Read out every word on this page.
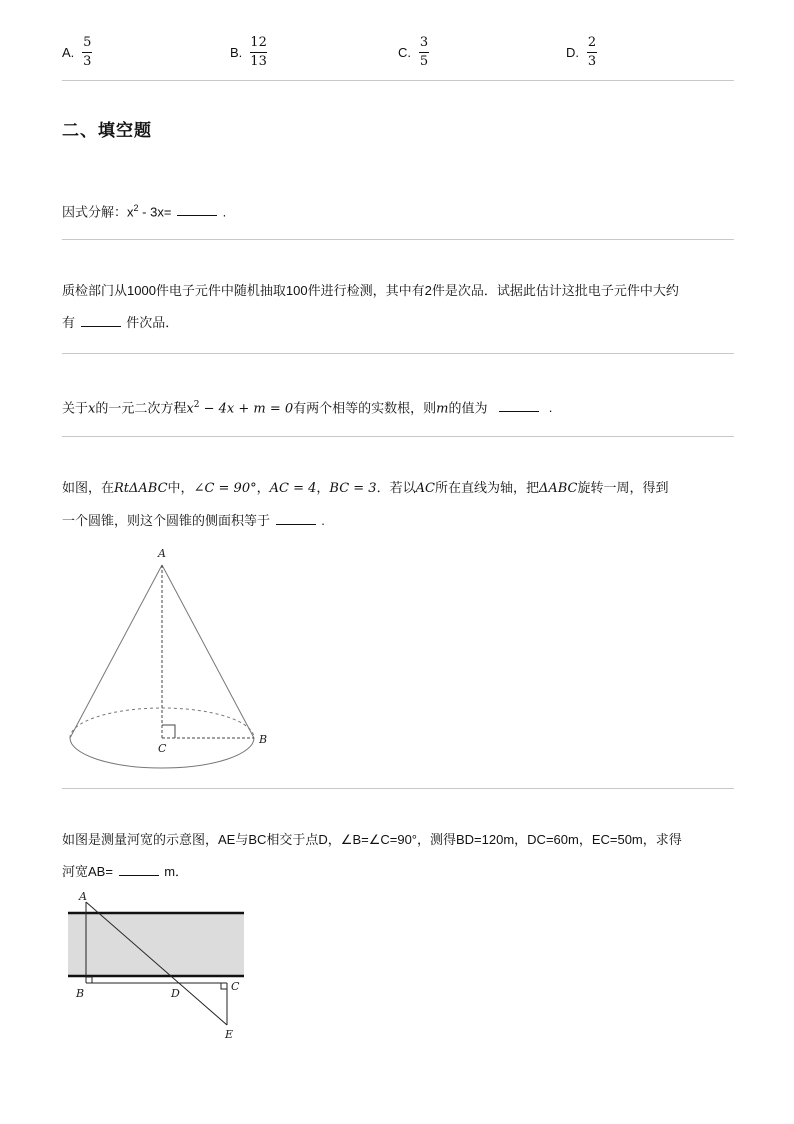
A. $\frac{5}{3}$	B. $\frac{12}{13}$	C. $\frac{3}{5}$	D. $\frac{2}{3}$
二、填空题
因式分解：$x^2 - 3x=$	.
质检部门从1000件电子元件中随机抽取100件进行检测，其中有2件是次品．试据此估计这批电子元件中大约
有	件次品．
关于x的一元二次方程$x^2 - 4x + m = 0$有两个相等的实数根，则m的值为	.
如图，在RtΔABC中，∠C = 90°，AC = 4，BC = 3．若以AC所在直线为轴，把ΔABC旋转一周，得到
一个圆锥，则这个圆锥的侧面积等于	.
A
C
B
如图是测量河宽的示意图，AE与BC相交于点D，∠B=∠C=90°，测得BD=120m，DC=60m，EC=50m，求得
河宽AB=	m．
A
B	D
C
E
